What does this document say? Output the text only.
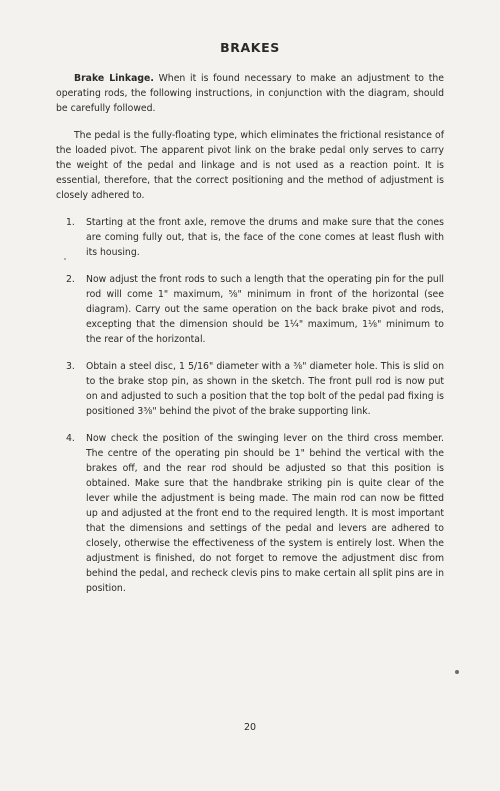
BRAKES

Brake Linkage. When it is found necessary to make an adjustment to the operating rods, the following instructions, in conjunction with the diagram, should be carefully followed.

The pedal is the fully-floating type, which eliminates the frictional resistance of the loaded pivot. The apparent pivot link on the brake pedal only serves to carry the weight of the pedal and linkage and is not used as a reaction point. It is essential, therefore, that the correct positioning and the method of adjustment is closely adhered to.

1. Starting at the front axle, remove the drums and make sure that the cones are coming fully out, that is, the face of the cone comes at least flush with its housing.
2. Now adjust the front rods to such a length that the operating pin for the pull rod will come 1" maximum, ⅝" minimum in front of the horizontal (see diagram). Carry out the same operation on the back brake pivot and rods, excepting that the dimension should be 1¼" maximum, 1⅛" minimum to the rear of the horizontal.
3. Obtain a steel disc, 1 5/16" diameter with a ⅜" diameter hole. This is slid on to the brake stop pin, as shown in the sketch. The front pull rod is now put on and adjusted to such a position that the top bolt of the pedal pad fixing is positioned 3⅜" behind the pivot of the brake supporting link.
4. Now check the position of the swinging lever on the third cross member. The centre of the operating pin should be 1" behind the vertical with the brakes off, and the rear rod should be adjusted so that this position is obtained. Make sure that the handbrake striking pin is quite clear of the lever while the adjustment is being made. The main rod can now be fitted up and adjusted at the front end to the required length. It is most important that the dimensions and settings of the pedal and levers are adhered to closely, otherwise the effectiveness of the system is entirely lost. When the adjustment is finished, do not forget to remove the adjustment disc from behind the pedal, and recheck clevis pins to make certain all split pins are in position.
20
